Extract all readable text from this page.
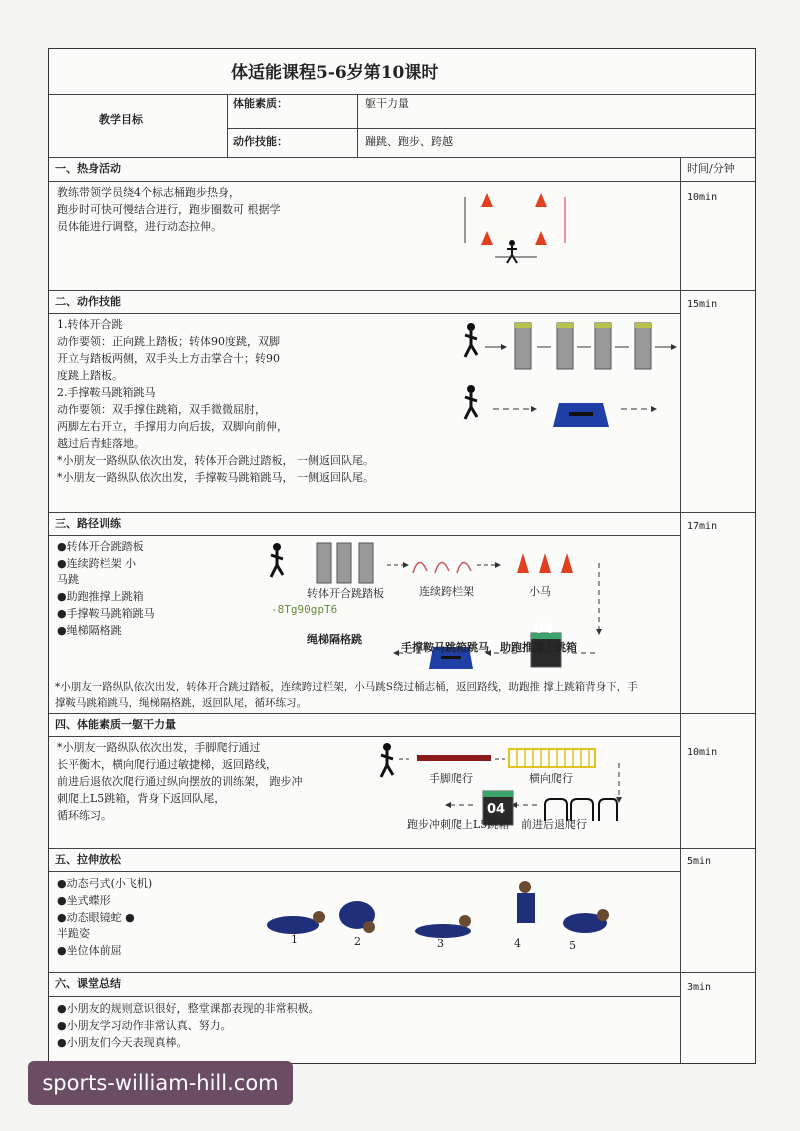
体适能课程5-6岁第10课时
教学目标
体能素质：	躯干力量
动作技能：	蹦跳、跑步、跨越
时间/分钟
一、热身活动
10min
教练带领学员绕4个标志桶跑步热身，
跑步时可快可慢结合进行，跑步圈数可 根据学
员体能进行调整，进行动态拉伸。
二、动作技能	15min
1.转体开合跳
动作要领：正向跳上踏板；转体90度跳，双脚
开立与踏板两侧，双手头上方击掌合十；转90
度跳上踏板。
2.手撑鞍马跳箱跳马
动作要领：双手撑住跳箱，双手微微屈肘，
两脚左右开立，手撑用力向后拔，双脚向前伸，
越过后青蛙落地。
*小朋友一路纵队依次出发，转体开合跳过踏板， 一侧返回队尾。
*小朋友一路纵队依次出发，手撑鞍马跳箱跳马， 一侧返回队尾。
三、路径训练	17min
●转体开合跳踏板
●连续跨栏架 小
马跳
●助跑推撑上跳箱
●手撑鞍马跳箱跳马
●绳梯隔格跳
转体开合跳踏板	连续跨栏架	小马
-8Tg90gpT6
绳梯隔格跳
手撑鞍马跳箱跳马 助跑推撑上跳箱
04
*小朋友一路纵队依次出发，转体开合跳过踏板，连续跨过栏架，小马跳S绕过桶志桶，返回路线，助跑推 撑上跳箱背身下，手
撑鞍马跳箱跳马，绳梯隔格跳，返回队尾，循环练习。
四、体能素质一躯干力量
10min
*小朋友一路纵队依次出发，手脚爬行通过
长平衡木，横向爬行通过敏捷梯，返回路线，
前进后退依次爬行通过纵向摆放的训练架， 跑步冲
刺爬上L5跳箱，背身下返回队尾，
循环练习。
手脚爬行	横向爬行
跑步冲刺爬上L5跳箱 前进后退爬行
04
五、拉伸放松	5min
●动态弓式(小飞机)
●坐式蝶形
●动态眼镜蛇 ●
半跪姿
●坐位体前屈
1	2	3	4	5
六、课堂总结	3min
●小朋友的规则意识很好，整堂课都表现的非常积极。
●小朋友学习动作非常认真、努力。
●小朋友们今天表现真棒。
sports-william-hill.com
